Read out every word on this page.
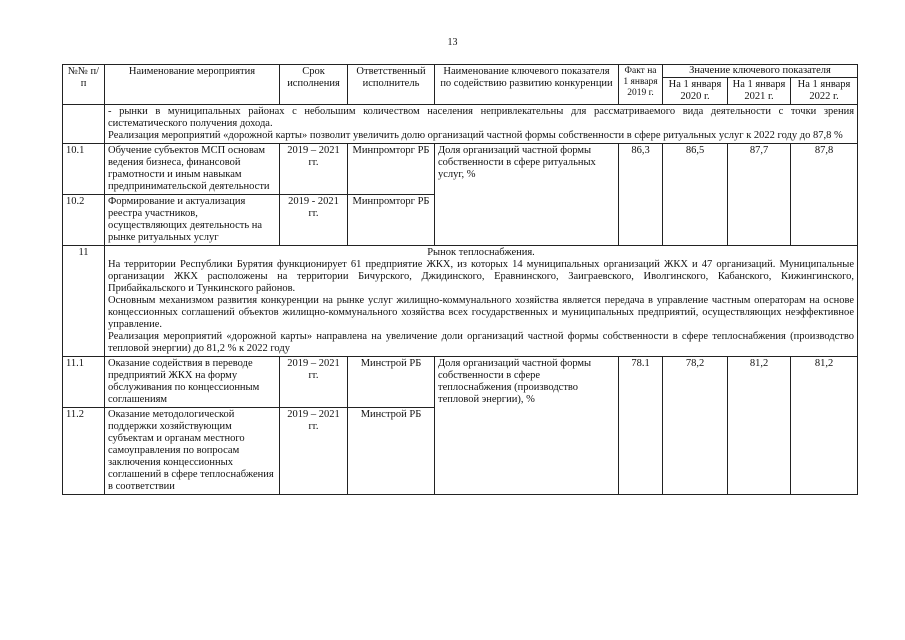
13
№№ п/п	Наименование мероприятия	Срок исполнения	Ответственный исполнитель	Наименование ключевого показателя по содействию развитию конкуренции	Факт на 1 января 2019 г.	Значение ключевого показателя		
						На 1 января 2020 г.	На 1 января 2021 г.	На 1 января 2022 г.

	- рынки в муниципальных районах с небольшим количеством населения непривлекательны для рассматриваемого вида деятельности с точки зрения систематического получения дохода.
Реализация мероприятий «дорожной карты» позволит увеличить долю организаций частной формы собственности в сфере ритуальных услуг к 2022 году до 87,8 %							

10.1	Обучение субъектов МСП основам ведения бизнеса, финансовой грамотности и иным навыкам предпринимательской деятельности	2019 – 2021 гг.	Минпромторг РБ	Доля организаций частной формы собственности в сфере ритуальных услуг, %	86,3	86,5	87,7	87,8
10.2	Формирование и актуализация реестра участников, осуществляющих деятельность на рынке ритуальных услуг	2019 - 2021 гг.	Минпромторг РБ					
11	Рынок теплоснабжения.
На территории Республики Бурятия функционирует 61 предприятие ЖКХ, из которых 14 муниципальных организаций ЖКХ и 47 организаций. Муниципальные организации ЖКХ расположены на территории Бичурского, Джидинского, Еравнинского, Заиграевского, Иволгинского, Кабанского, Кижингинского, Прибайкальского и Тункинского районов.
Основным механизмом развития конкуренции на рынке услуг жилищно-коммунального хозяйства является передача в управление частным операторам на основе концессионных соглашений объектов жилищно-коммунального хозяйства всех государственных и муниципальных предприятий, осуществляющих неэффективное управление.
Реализация мероприятий «дорожной карты» направлена на увеличение доли организаций частной формы собственности в сфере теплоснабжения (производство тепловой энергии) до 81,2 % к 2022 году							

11.1	Оказание содействия в переводе предприятий ЖКХ на форму обслуживания по концессионным соглашениям	2019 – 2021 гг.	Минстрой РБ	Доля организаций частной формы собственности в сфере теплоснабжения (производство тепловой энергии), %	78.1	78,2	81,2	81,2
11.2	Оказание методологической поддержки хозяйствующим субъектам и органам местного самоуправления по вопросам заключения концессионных соглашений в сфере теплоснабжения в соответствии	2019 – 2021 гг.	Минстрой РБ					
